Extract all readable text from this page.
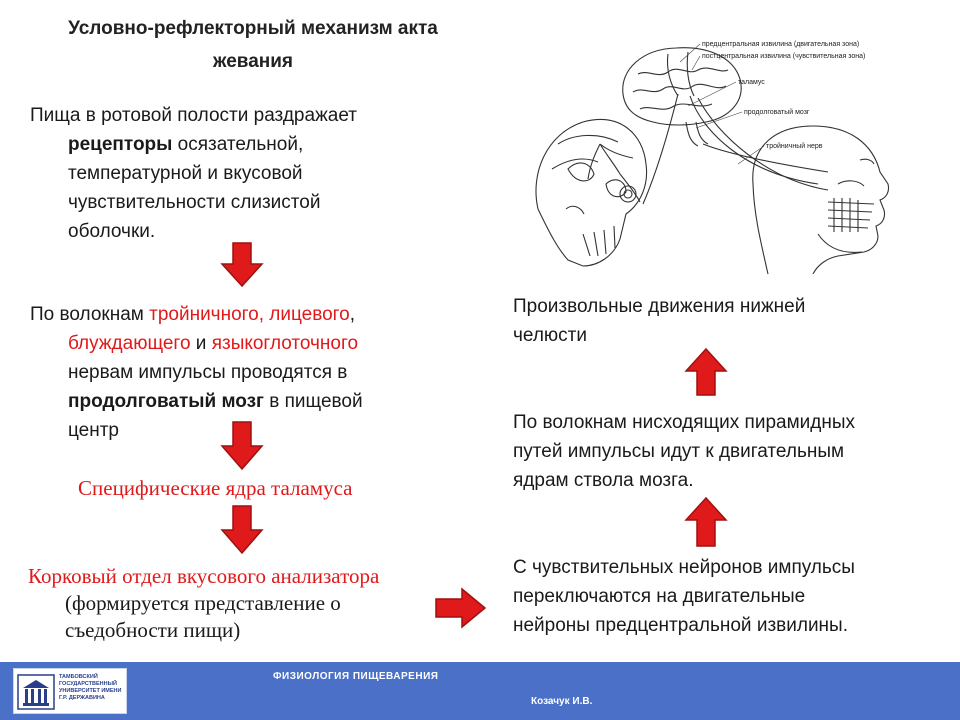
Условно-рефлекторный механизм акта
жевания
Пища в ротовой полости раздражает
рецепторы осязательной,
температурной и вкусовой
чувствительности слизистой
оболочки.
По волокнам тройничного, лицевого,
блуждающего и языкоглоточного
нервам импульсы проводятся в
продолговатый мозг в пищевой
центр
Специфические ядра таламуса
Корковый отдел вкусового анализатора
(формируется представление о
съедобности пищи)
предцентральная извилина (двигательная зона)
постцентральная извилина (чувствительная зона)
таламус
продолговатый мозг
тройничный нерв
Произвольные движения нижней
челюсти
По волокнам нисходящих пирамидных
путей импульсы идут к двигательным
ядрам ствола мозга.
С чувствительных нейронов импульсы
переключаются на двигательные
нейроны предцентральной извилины.
ТАМБОВСКИЙ ГОСУДАРСТВЕННЫЙ УНИВЕРСИТЕТ ИМЕНИ Г.Р. ДЕРЖАВИНА
ФИЗИОЛОГИЯ ПИЩЕВАРЕНИЯ
Козачук И.В.
